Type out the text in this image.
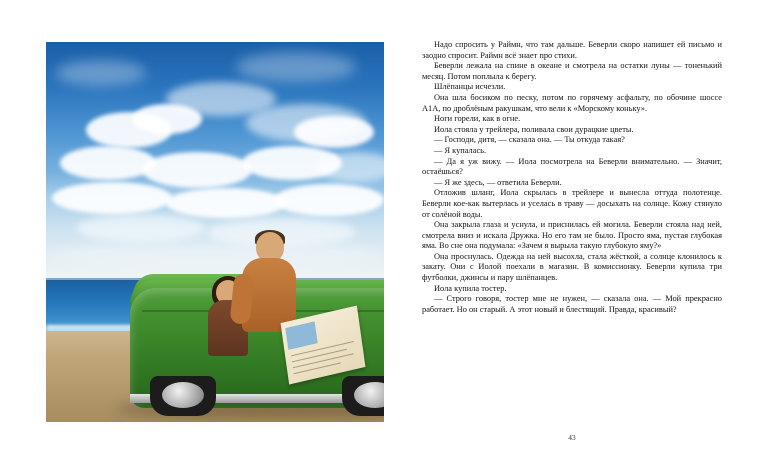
Надо спросить у Раймн, что там дальше. Беверли скоро напишет ей письмо и заодно спросит. Раймн всё знает про стихи.

Беверли лежала на спине в океане и смотрела на остатки луны — тоненький месяц. Потом поплыла к берегу.

Шлёпанцы исчезли.

Она шла босиком по песку, потом по горячему асфальту, по обочине шоссе А1А, по дроблёным ракушкам, что вели к «Морскому коньку».

Ноги горели, как в огне.

Иола стояла у трейлера, поливала свои дурацкие цветы.

— Господи, дитя, — сказала она. — Ты откуда такая?

— Я купалась.

— Да я уж вижу. — Иола посмотрела на Беверли внимательно. — Значит, остаёшься?

— Я же здесь, — ответила Беверли.

Отложив шланг, Иола скрылась в трейлере и вынесла оттуда полотенце. Беверли кое-как вытерлась и уселась в траву — досыхать на солнце. Кожу стянуло от солёной воды.

Она закрыла глаза и уснула, и приснилась ей могила. Беверли стояла над ней, смотрела вниз и искала Дружка. Но его там не было. Просто яма, пустая глубокая яма. Во сне она подумала: «Зачем я вырыла такую глубокую яму?»

Она проснулась. Одежда на ней высохла, стала жёсткой, а солнце клонилось к закату. Они с Иолой поехали в магазин. В комиссионку. Беверли купила три футболки, джинсы и пару шлёпанцев.

Иола купила тостер.

— Строго говоря, тостер мне не нужен, — сказала она. — Мой прекрасно работает. Но он старый. А этот новый и блестящий. Правда, красивый?

43
